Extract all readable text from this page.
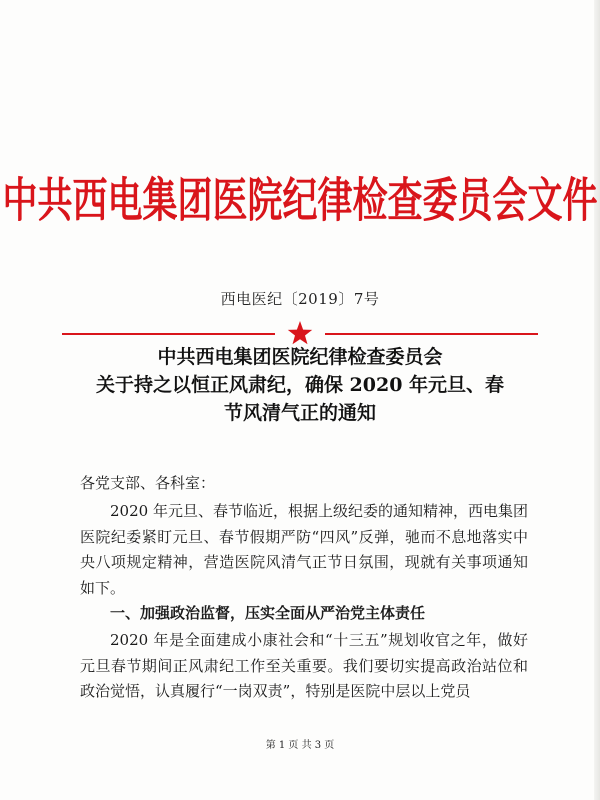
中共西电集团医院纪律检查委员会文件
西电医纪〔2019〕7号
中共西电集团医院纪律检查委员会
关于持之以恒正风肃纪，确保 2020 年元旦、春
节风清气正的通知
各党支部、各科室：
2020 年元旦、春节临近，根据上级纪委的通知精神，西电集团医院纪委紧盯元旦、春节假期严防“四风”反弹，驰而不息地落实中央八项规定精神，营造医院风清气正节日氛围，现就有关事项通知如下。
一、加强政治监督，压实全面从严治党主体责任
2020 年是全面建成小康社会和“十三五”规划收官之年，做好元旦春节期间正风肃纪工作至关重要。我们要切实提高政治站位和政治觉悟，认真履行“一岗双责”，特别是医院中层以上党员
第 1 页 共 3 页
